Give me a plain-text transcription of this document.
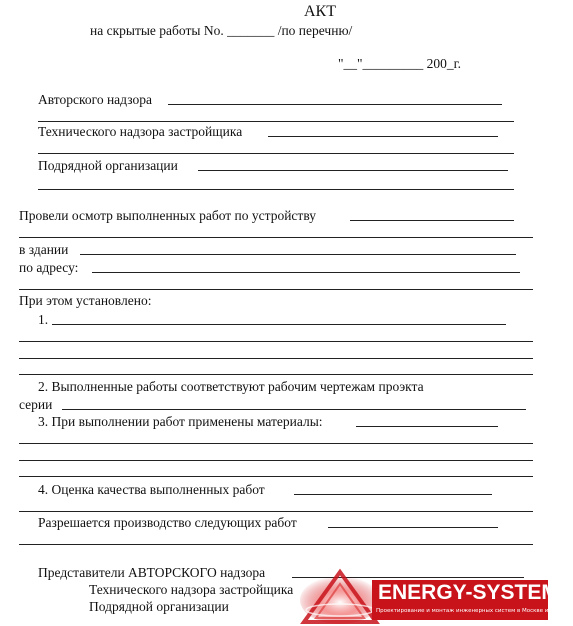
АКТ
на скрытые работы No. _______ /по перечню/
"__"_________ 200_г.
Авторского надзора
Технического надзора застройщика
Подрядной организации
Провели осмотр выполненных работ по устройству
в здании
по адресу:
При этом установлено:
1.
2. Выполненные работы соответствуют рабочим чертежам проэкта
серии
3. При выполнении работ применены материалы:
4. Оценка качества выполненных работ
Разрешается производство следующих работ
Представители АВТОРСКОГО надзора
Технического надзора застройщика
Подрядной организации
ENERGY-SYSTEMS
Проектирование и монтаж инженерных систем в Москве и М.О.
